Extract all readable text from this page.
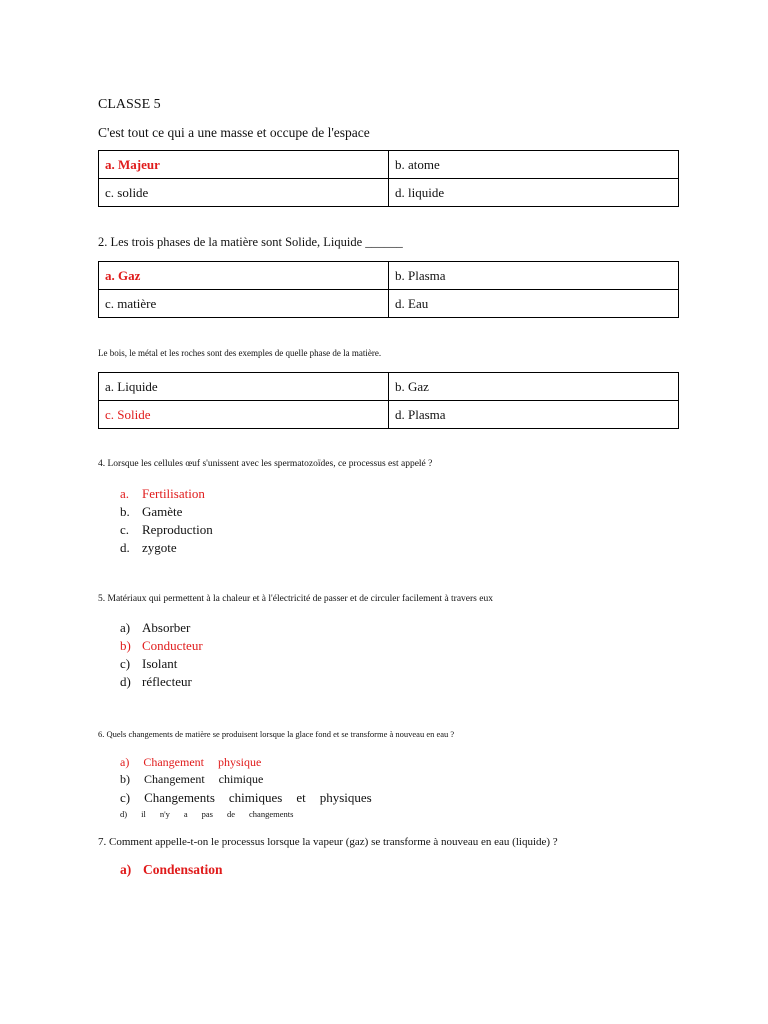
CLASSE 5
C'est tout ce qui a une masse et occupe de l'espace
a. Majeur	b. atome
c. solide	d. liquide
2. Les trois phases de la matière sont Solide, Liquide ______
a. Gaz	b. Plasma
c. matière	d. Eau
Le bois, le métal et les roches sont des exemples de quelle phase de la matière.
a. Liquide	b. Gaz
c. Solide	d. Plasma
4. Lorsque les cellules œuf s'unissent avec les spermatozoïdes, ce processus est appelé ?
a. Fertilisation
b. Gamète
c. Reproduction
d. zygote
5. Matériaux qui permettent à la chaleur et à l'électricité de passer et de circuler facilement à travers eux
a) Absorber
b) Conducteur
c) Isolant
d) réflecteur
6. Quels changements de matière se produisent lorsque la glace fond et se transforme à nouveau en eau ?
a) Changement physique
b) Changement chimique
c) Changements chimiques et physiques
d) il n'y a pas de changements
7. Comment appelle-t-on le processus lorsque la vapeur (gaz) se transforme à nouveau en eau (liquide) ?
a) Condensation
